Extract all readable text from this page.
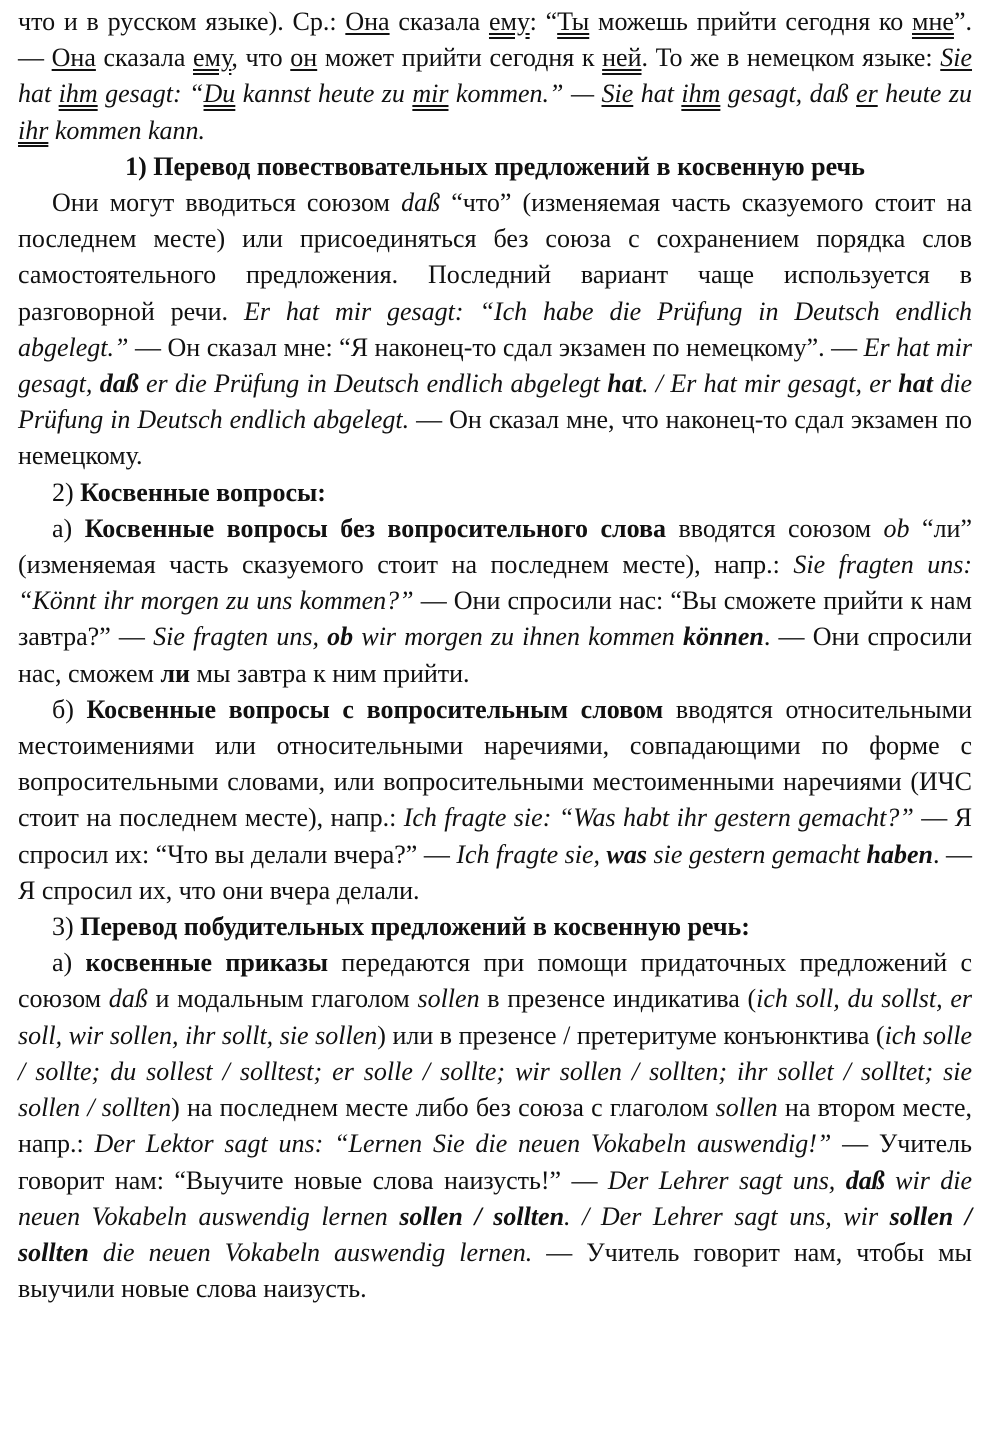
что и в русском языке). Ср.: Она сказала ему: “Ты можешь прийти сегодня ко мне”. — Она сказала ему, что он может прийти сегодня к ней. То же в немецком языке: Sie hat ihm gesagt: “Du kannst heute zu mir kommen.” — Sie hat ihm gesagt, daß er heute zu ihr kommen kann.

1) Перевод повествовательных предложений в косвенную речь

Они могут вводиться союзом daß “что” (изменяемая часть сказуемого стоит на последнем месте) или присоединяться без союза с сохранением порядка слов самостоятельного предложения. Последний вариант чаще используется в разговорной речи. Er hat mir gesagt: “Ich habe die Prüfung in Deutsch endlich abgelegt.” — Он сказал мне: “Я наконец-то сдал экзамен по немецкому”. — Er hat mir gesagt, daß er die Prüfung in Deutsch endlich abgelegt hat. / Er hat mir gesagt, er hat die Prüfung in Deutsch endlich abgelegt. — Он сказал мне, что наконец-то сдал экзамен по немецкому.

2) Косвенные вопросы:

а) Косвенные вопросы без вопросительного слова вводятся союзом ob “ли” (изменяемая часть сказуемого стоит на последнем месте), напр.: Sie fragten uns: “Könnt ihr morgen zu uns kommen?” — Они спросили нас: “Вы сможете прийти к нам завтра?” — Sie fragten uns, ob wir morgen zu ihnen kommen können. — Они спросили нас, сможем ли мы завтра к ним прийти.

б) Косвенные вопросы с вопросительным словом вводятся относительными местоимениями или относительными наречиями, совпадающими по форме с вопросительными словами, или вопросительными местоименными наречиями (ИЧС стоит на последнем месте), напр.: Ich fragte sie: “Was habt ihr gestern gemacht?” — Я спросил их: “Что вы делали вчера?” — Ich fragte sie, was sie gestern gemacht haben. — Я спросил их, что они вчера делали.

3) Перевод побудительных предложений в косвенную речь:

а) косвенные приказы передаются при помощи придаточных предложений с союзом daß и модальным глаголом sollen в презенсе индикатива (ich soll, du sollst, er soll, wir sollen, ihr sollt, sie sollen) или в презенсе / претеритуме конъюнктива (ich solle / sollte; du sollest / solltest; er solle / sollte; wir sollen / sollten; ihr sollet / solltet; sie sollen / sollten) на последнем месте либо без союза с глаголом sollen на втором месте, напр.: Der Lektor sagt uns: “Lernen Sie die neuen Vokabeln auswendig!” — Учитель говорит нам: “Выучите новые слова наизусть!” — Der Lehrer sagt uns, daß wir die neuen Vokabeln auswendig lernen sollen / sollten. / Der Lehrer sagt uns, wir sollen / sollten die neuen Vokabeln auswendig lernen. — Учитель говорит нам, чтобы мы выучили новые слова наизусть.
